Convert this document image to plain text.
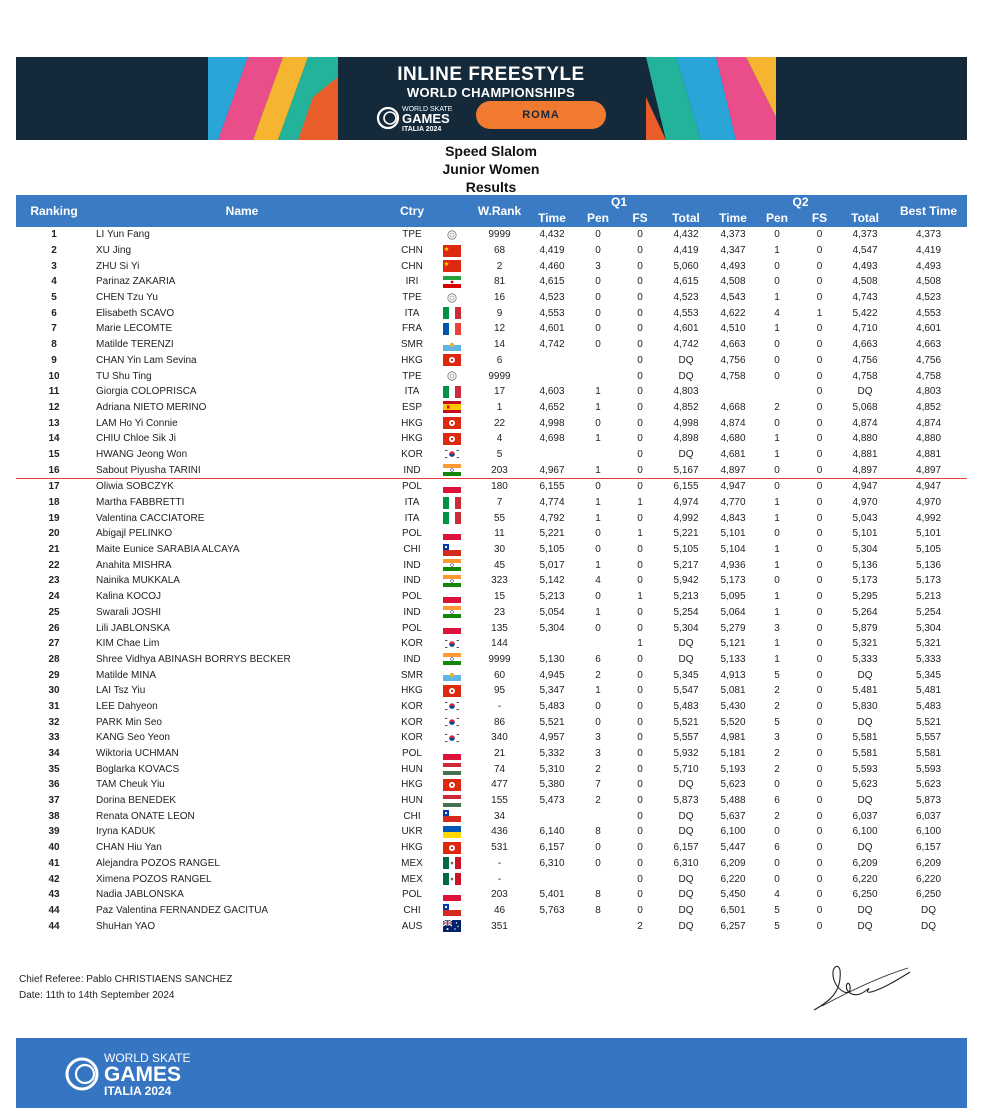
INLINE FREESTYLE
WORLD CHAMPIONSHIPS
WORLD SKATE
GAMES
ITALIA 2024
ROMA
Speed Slalom
Junior Women
Results
Ranking	Name	Ctry		W.Rank	Q1				Q2				Best Time
					Time	Pen	FS	Total	Time	Pen	FS	Total	
1	LI Yun Fang	TPE		9999	4,432	0	0	4,432	4,373	0	0	4,373	4,373
2	XU Jing	CHN		68	4,419	0	0	4,419	4,347	1	0	4,547	4,419
3	ZHU Si Yi	CHN		2	4,460	3	0	5,060	4,493	0	0	4,493	4,493
4	Parinaz ZAKARIA	IRI		81	4,615	0	0	4,615	4,508	0	0	4,508	4,508
5	CHEN Tzu Yu	TPE		16	4,523	0	0	4,523	4,543	1	0	4,743	4,523
6	Elisabeth SCAVO	ITA		9	4,553	0	0	4,553	4,622	4	1	5,422	4,553
7	Marie LECOMTE	FRA		12	4,601	0	0	4,601	4,510	1	0	4,710	4,601
8	Matilde TERENZI	SMR		14	4,742	0	0	4,742	4,663	0	0	4,663	4,663
9	CHAN Yin Lam Sevina	HKG		6			0	DQ	4,756	0	0	4,756	4,756
10	TU Shu Ting	TPE		9999			0	DQ	4,758	0	0	4,758	4,758
11	Giorgia COLOPRISCA	ITA		17	4,603	1	0	4,803			0	DQ	4,803
12	Adriana NIETO MERINO	ESP		1	4,652	1	0	4,852	4,668	2	0	5,068	4,852
13	LAM Ho Yi Connie	HKG		22	4,998	0	0	4,998	4,874	0	0	4,874	4,874
14	CHIU Chloe Sik Ji	HKG		4	4,698	1	0	4,898	4,680	1	0	4,880	4,880
15	HWANG Jeong Won	KOR		5			0	DQ	4,681	1	0	4,881	4,881
16	Sabout Piyusha TARINI	IND		203	4,967	1	0	5,167	4,897	0	0	4,897	4,897
17	Oliwia SOBCZYK	POL		180	6,155	0	0	6,155	4,947	0	0	4,947	4,947
18	Martha FABBRETTI	ITA		7	4,774	1	1	4,974	4,770	1	0	4,970	4,970
19	Valentina CACCIATORE	ITA		55	4,792	1	0	4,992	4,843	1	0	5,043	4,992
20	Abigajl PELINKO	POL		11	5,221	0	1	5,221	5,101	0	0	5,101	5,101
21	Maite Eunice SARABIA ALCAYA	CHI		30	5,105	0	0	5,105	5,104	1	0	5,304	5,105
22	Anahita MISHRA	IND		45	5,017	1	0	5,217	4,936	1	0	5,136	5,136
23	Nainika MUKKALA	IND		323	5,142	4	0	5,942	5,173	0	0	5,173	5,173
24	Kalina KOCOJ	POL		15	5,213	0	1	5,213	5,095	1	0	5,295	5,213
25	Swarali JOSHI	IND		23	5,054	1	0	5,254	5,064	1	0	5,264	5,254
26	Lili JABLONSKA	POL		135	5,304	0	0	5,304	5,279	3	0	5,879	5,304
27	KIM Chae Lim	KOR		144			1	DQ	5,121	1	0	5,321	5,321
28	Shree Vidhya ABINASH BORRYS BECKER	IND		9999	5,130	6	0	DQ	5,133	1	0	5,333	5,333
29	Matilde MINA	SMR		60	4,945	2	0	5,345	4,913	5	0	DQ	5,345
30	LAI Tsz Yiu	HKG		95	5,347	1	0	5,547	5,081	2	0	5,481	5,481
31	LEE Dahyeon	KOR		-	5,483	0	0	5,483	5,430	2	0	5,830	5,483
32	PARK Min Seo	KOR		86	5,521	0	0	5,521	5,520	5	0	DQ	5,521
33	KANG Seo Yeon	KOR		340	4,957	3	0	5,557	4,981	3	0	5,581	5,557
34	Wiktoria UCHMAN	POL		21	5,332	3	0	5,932	5,181	2	0	5,581	5,581
35	Boglarka KOVACS	HUN		74	5,310	2	0	5,710	5,193	2	0	5,593	5,593
36	TAM Cheuk Yiu	HKG		477	5,380	7	0	DQ	5,623	0	0	5,623	5,623
37	Dorina BENEDEK	HUN		155	5,473	2	0	5,873	5,488	6	0	DQ	5,873
38	Renata ONATE LEON	CHI		34			0	DQ	5,637	2	0	6,037	6,037
39	Iryna KADUK	UKR		436	6,140	8	0	DQ	6,100	0	0	6,100	6,100
40	CHAN Hiu Yan	HKG		531	6,157	0	0	6,157	5,447	6	0	DQ	6,157
41	Alejandra POZOS RANGEL	MEX		-	6,310	0	0	6,310	6,209	0	0	6,209	6,209
42	Ximena POZOS RANGEL	MEX		-			0	DQ	6,220	0	0	6,220	6,220
43	Nadia JABLONSKA	POL		203	5,401	8	0	DQ	5,450	4	0	6,250	6,250
44	Paz Valentina FERNANDEZ GACITUA	CHI		46	5,763	8	0	DQ	6,501	5	0	DQ	DQ
44	ShuHan YAO	AUS		351			2	DQ	6,257	5	0	DQ	DQ
Chief Referee: Pablo CHRISTIAENS SANCHEZ
Date: 11th to 14th September 2024
WORLD SKATE
GAMES
ITALIA 2024
